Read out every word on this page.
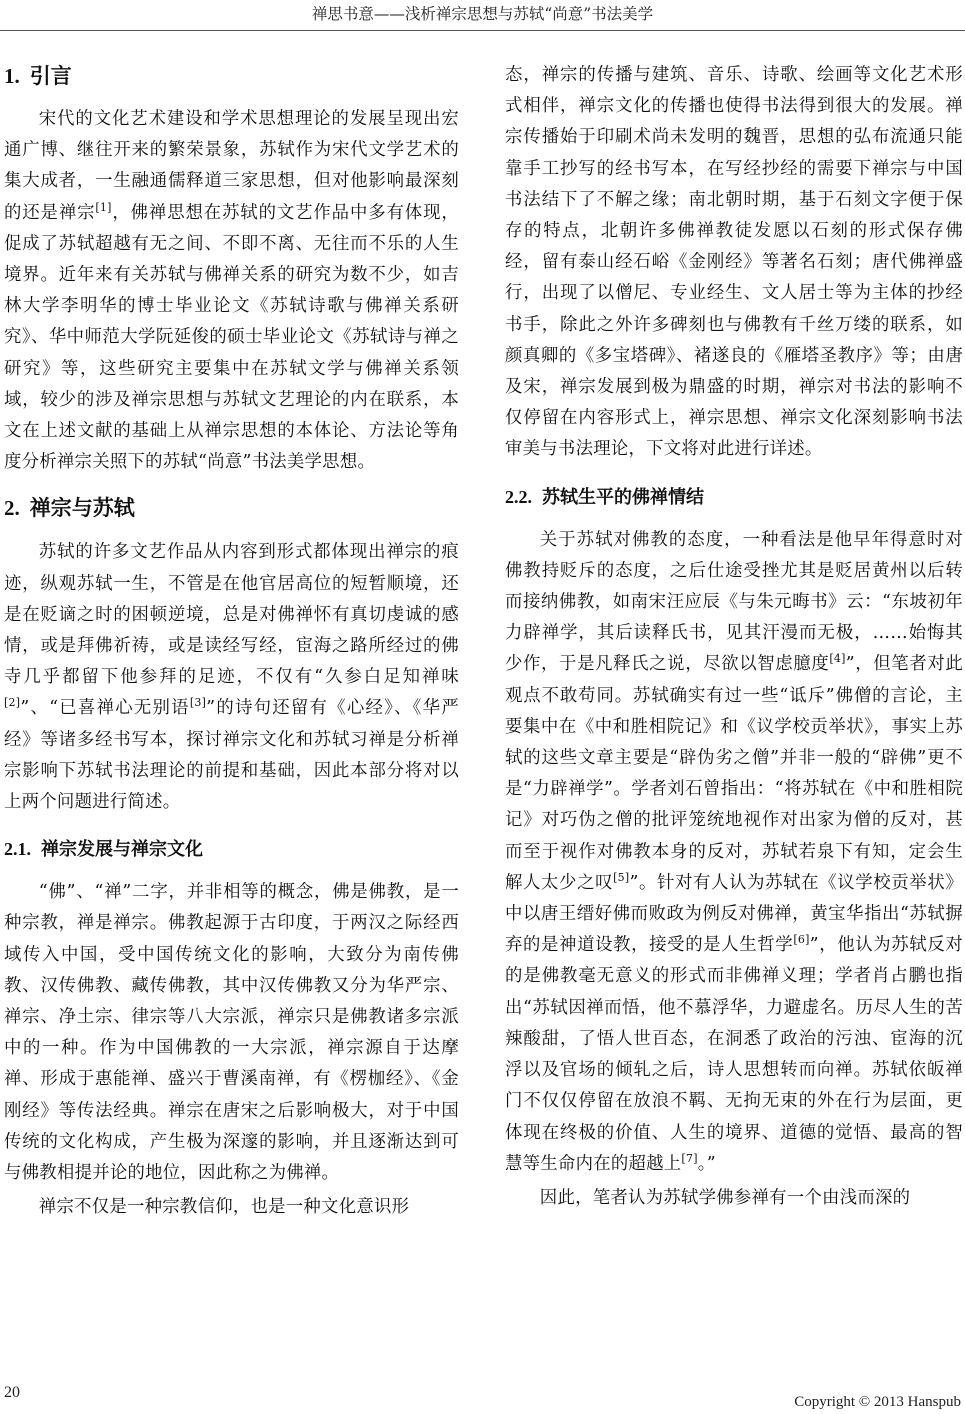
禅思书意——浅析禅宗思想与苏轼“尚意”书法美学
1. 引言

宋代的文化艺术建设和学术思想理论的发展呈现出宏通广博、继往开来的繁荣景象，苏轼作为宋代文学艺术的集大成者，一生融通儒释道三家思想，但对他影响最深刻的还是禅宗[1]，佛禅思想在苏轼的文艺作品中多有体现，促成了苏轼超越有无之间、不即不离、无往而不乐的人生境界。近年来有关苏轼与佛禅关系的研究为数不少，如吉林大学李明华的博士毕业论文《苏轼诗歌与佛禅关系研究》、华中师范大学阮延俊的硕士毕业论文《苏轼诗与禅之研究》等，这些研究主要集中在苏轼文学与佛禅关系领域，较少的涉及禅宗思想与苏轼文艺理论的内在联系，本文在上述文献的基础上从禅宗思想的本体论、方法论等角度分析禅宗关照下的苏轼“尚意”书法美学思想。

2. 禅宗与苏轼

苏轼的许多文艺作品从内容到形式都体现出禅宗的痕迹，纵观苏轼一生，不管是在他官居高位的短暂顺境，还是在贬谪之时的困顿逆境，总是对佛禅怀有真切虔诚的感情，或是拜佛祈祷，或是读经写经，宦海之路所经过的佛寺几乎都留下他参拜的足迹，不仅有“久参白足知禅味[2]”、“已喜禅心无别语[3]”的诗句还留有《心经》、《华严经》等诸多经书写本，探讨禅宗文化和苏轼习禅是分析禅宗影响下苏轼书法理论的前提和基础，因此本部分将对以上两个问题进行简述。

2.1. 禅宗发展与禅宗文化

“佛”、“禅”二字，并非相等的概念，佛是佛教，是一种宗教，禅是禅宗。佛教起源于古印度，于两汉之际经西域传入中国，受中国传统文化的影响，大致分为南传佛教、汉传佛教、藏传佛教，其中汉传佛教又分为华严宗、禅宗、净土宗、律宗等八大宗派，禅宗只是佛教诸多宗派中的一种。作为中国佛教的一大宗派，禅宗源自于达摩禅、形成于惠能禅、盛兴于曹溪南禅，有《楞枷经》、《金刚经》等传法经典。禅宗在唐宋之后影响极大，对于中国传统的文化构成，产生极为深邃的影响，并且逐渐达到可与佛教相提并论的地位，因此称之为佛禅。

禅宗不仅是一种宗教信仰，也是一种文化意识形

态，禅宗的传播与建筑、音乐、诗歌、绘画等文化艺术形式相伴，禅宗文化的传播也使得书法得到很大的发展。禅宗传播始于印刷术尚未发明的魏晋，思想的弘布流通只能靠手工抄写的经书写本，在写经抄经的需要下禅宗与中国书法结下了不解之缘；南北朝时期，基于石刻文字便于保存的特点，北朝许多佛禅教徒发愿以石刻的形式保存佛经，留有泰山经石峪《金刚经》等著名石刻；唐代佛禅盛行，出现了以僧尼、专业经生、文人居士等为主体的抄经书手，除此之外许多碑刻也与佛教有千丝万缕的联系，如颜真卿的《多宝塔碑》、褚遂良的《雁塔圣教序》等；由唐及宋，禅宗发展到极为鼎盛的时期，禅宗对书法的影响不仅停留在内容形式上，禅宗思想、禅宗文化深刻影响书法审美与书法理论，下文将对此进行详述。

2.2. 苏轼生平的佛禅情结

关于苏轼对佛教的态度，一种看法是他早年得意时对佛教持贬斥的态度，之后仕途受挫尤其是贬居黄州以后转而接纳佛教，如南宋汪应辰《与朱元晦书》云：“东坡初年力辟禅学，其后读释氏书，见其汗漫而无极，……始悔其少作，于是凡释氏之说，尽欲以智虑臆度[4]”，但笔者对此观点不敢苟同。苏轼确实有过一些“诋斥”佛僧的言论，主要集中在《中和胜相院记》和《议学校贡举状》，事实上苏轼的这些文章主要是“辟伪劣之僧”并非一般的“辟佛”更不是“力辟禅学”。学者刘石曾指出：“将苏轼在《中和胜相院记》对巧伪之僧的批评笼统地视作对出家为僧的反对，甚而至于视作对佛教本身的反对，苏轼若泉下有知，定会生解人太少之叹[5]”。针对有人认为苏轼在《议学校贡举状》中以唐王缙好佛而败政为例反对佛禅，黄宝华指出“苏轼摒弃的是神道设教，接受的是人生哲学[6]”，他认为苏轼反对的是佛教毫无意义的形式而非佛禅义理；学者肖占鹏也指出“苏轼因禅而悟，他不慕浮华，力避虚名。历尽人生的苦辣酸甜，了悟人世百态，在洞悉了政治的污浊、宦海的沉浮以及官场的倾轧之后，诗人思想转而向禅。苏轼依皈禅门不仅仅停留在放浪不羁、无拘无束的外在行为层面，更体现在终极的价值、人生的境界、道德的觉悟、最高的智慧等生命内在的超越上[7]。”

因此，笔者认为苏轼学佛参禅有一个由浅而深的

20
Copyright © 2013 Hanspub
